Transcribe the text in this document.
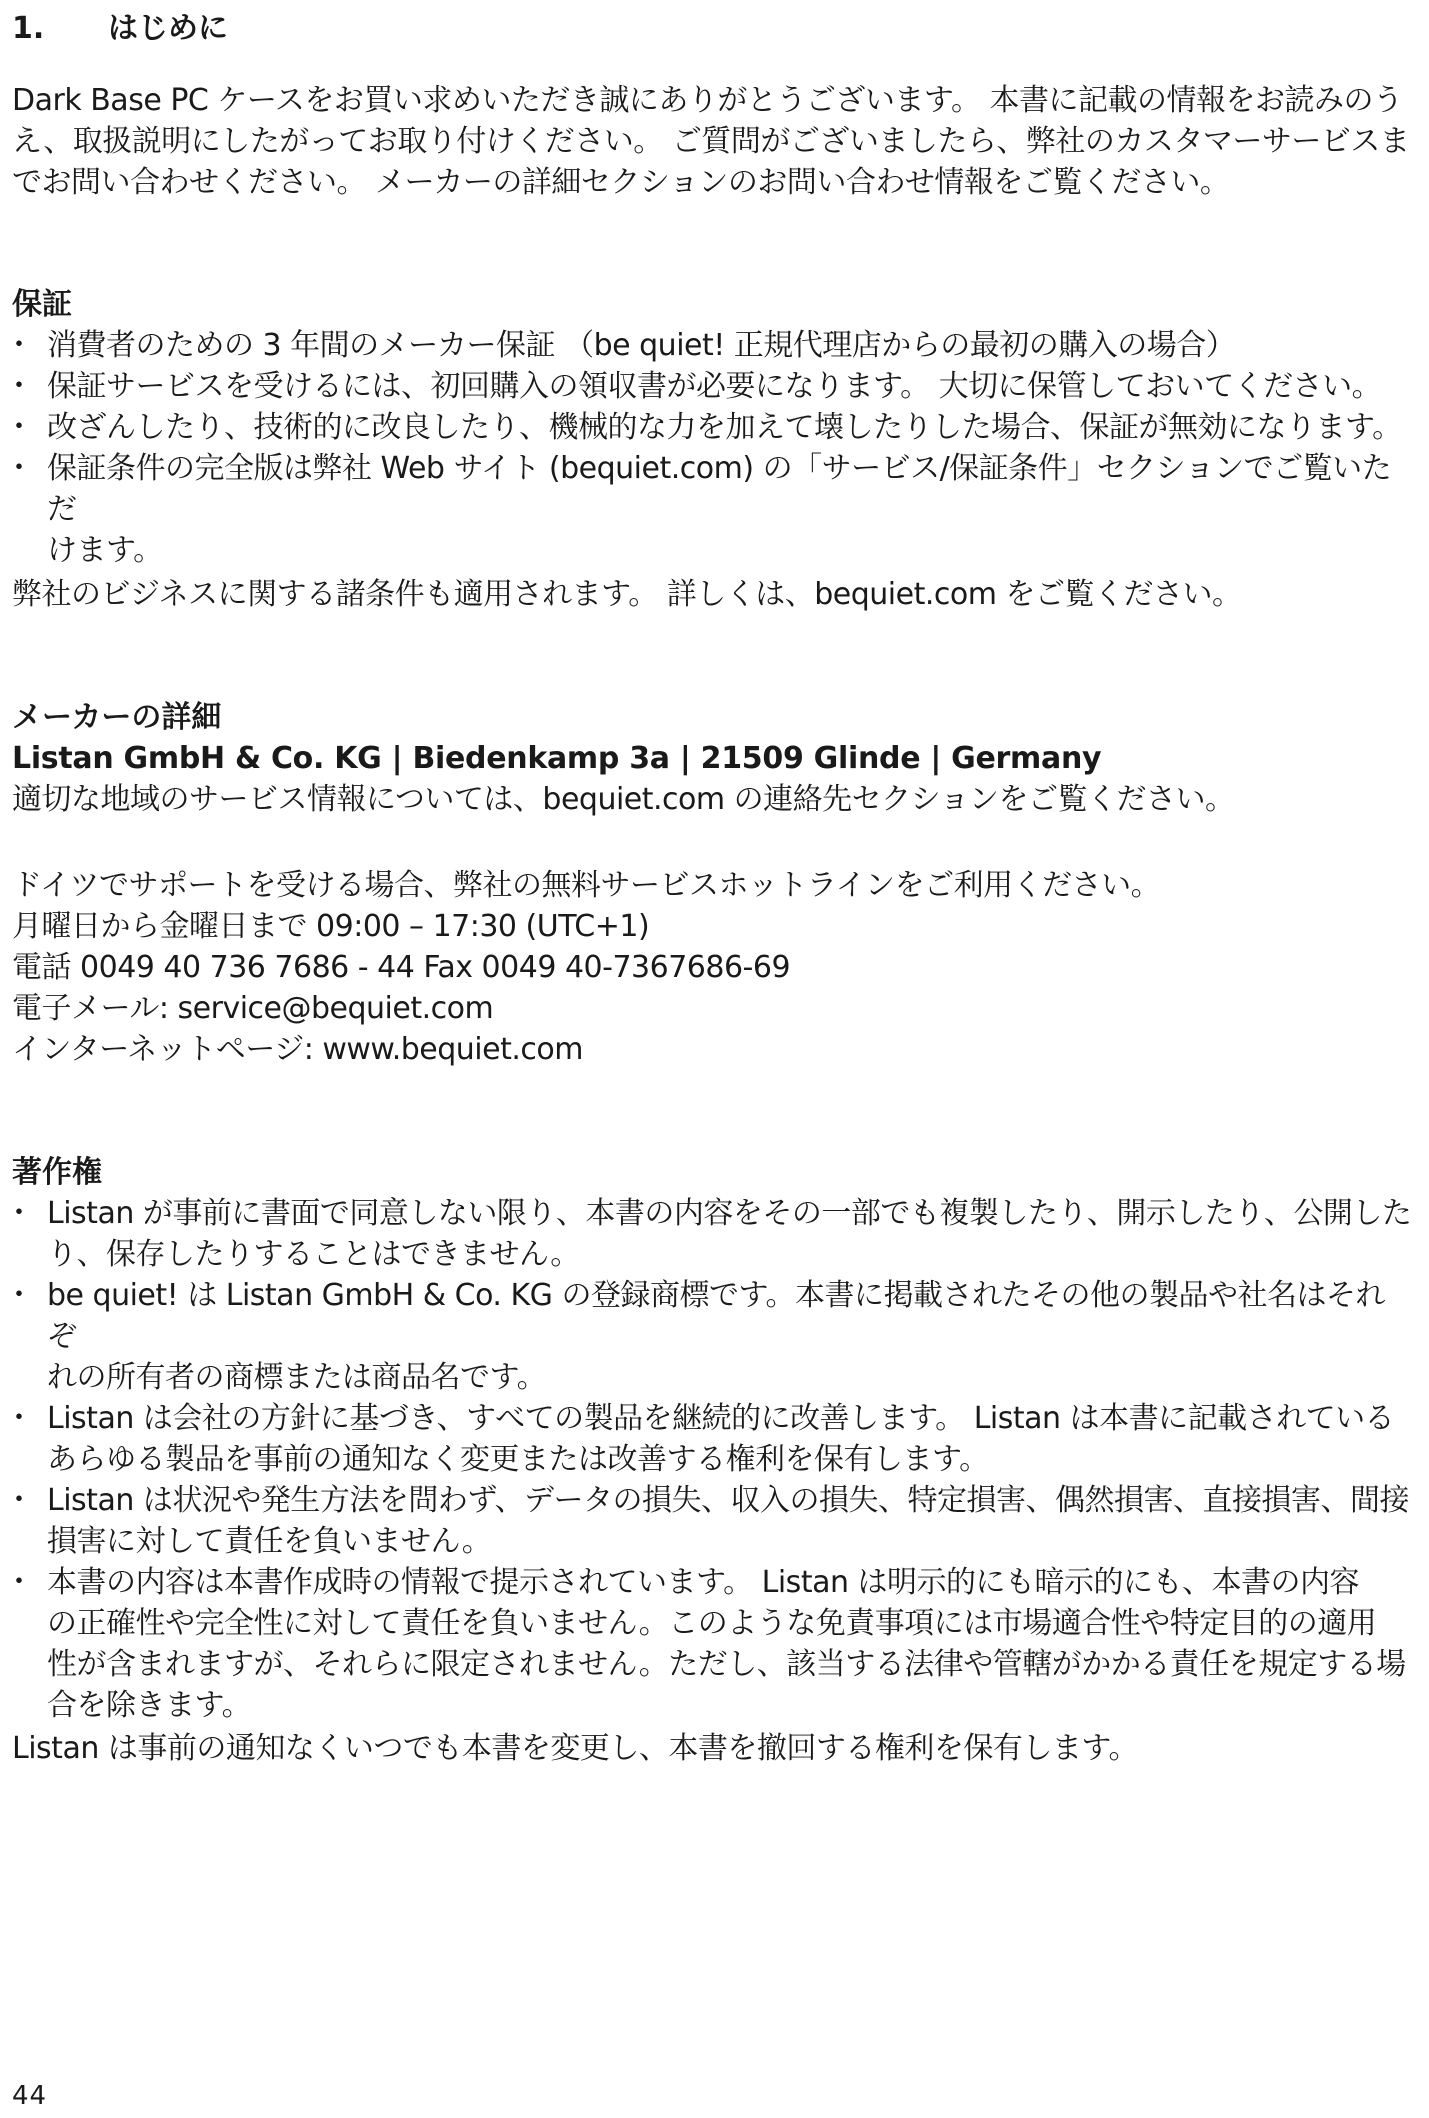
1. はじめに

Dark Base PC ケースをお買い求めいただき誠にありがとうございます。 本書に記載の情報をお読みのう
え、取扱説明にしたがってお取り付けください。 ご質問がございましたら、弊社のカスタマーサービスま
でお問い合わせください。 メーカーの詳細セクションのお問い合わせ情報をご覧ください。

保証
・ 消費者のための 3 年間のメーカー保証 （be quiet! 正規代理店からの最初の購入の場合）
・ 保証サービスを受けるには、初回購入の領収書が必要になります。 大切に保管しておいてください。
・ 改ざんしたり、技術的に改良したり、機械的な力を加えて壊したりした場合、保証が無効になります。
・ 保証条件の完全版は弊社 Web サイト (bequiet.com) の「サービス/保証条件」セクションでご覧いただ
けます。

弊社のビジネスに関する諸条件も適用されます。 詳しくは、bequiet.com をご覧ください。

メーカーの詳細

Listan GmbH & Co. KG | Biedenkamp 3a | 21509 Glinde | Germany

適切な地域のサービス情報については、bequiet.com の連絡先セクションをご覧ください。

ドイツでサポートを受ける場合、弊社の無料サービスホットラインをご利用ください。

月曜日から金曜日まで 09:00 – 17:30 (UTC+1)

電話 0049 40 736 7686 - 44 Fax 0049 40-7367686-69

電子メール: service@bequiet.com

インターネットページ: www.bequiet.com

著作権
・ Listan が事前に書面で同意しない限り、本書の内容をその一部でも複製したり、開示したり、公開した
り、保存したりすることはできません。
・ be quiet! は Listan GmbH & Co. KG の登録商標です。本書に掲載されたその他の製品や社名はそれぞ
れの所有者の商標または商品名です。
・ Listan は会社の方針に基づき、すべての製品を継続的に改善します。 Listan は本書に記載されている
あらゆる製品を事前の通知なく変更または改善する権利を保有します。
・ Listan は状況や発生方法を問わず、データの損失、収入の損失、特定損害、偶然損害、直接損害、間接
損害に対して責任を負いません。
・ 本書の内容は本書作成時の情報で提示されています。 Listan は明示的にも暗示的にも、本書の内容
の正確性や完全性に対して責任を負いません。このような免責事項には市場適合性や特定目的の適用
性が含まれますが、それらに限定されません。ただし、該当する法律や管轄がかかる責任を規定する場
合を除きます。

Listan は事前の通知なくいつでも本書を変更し、本書を撤回する権利を保有します。

44
